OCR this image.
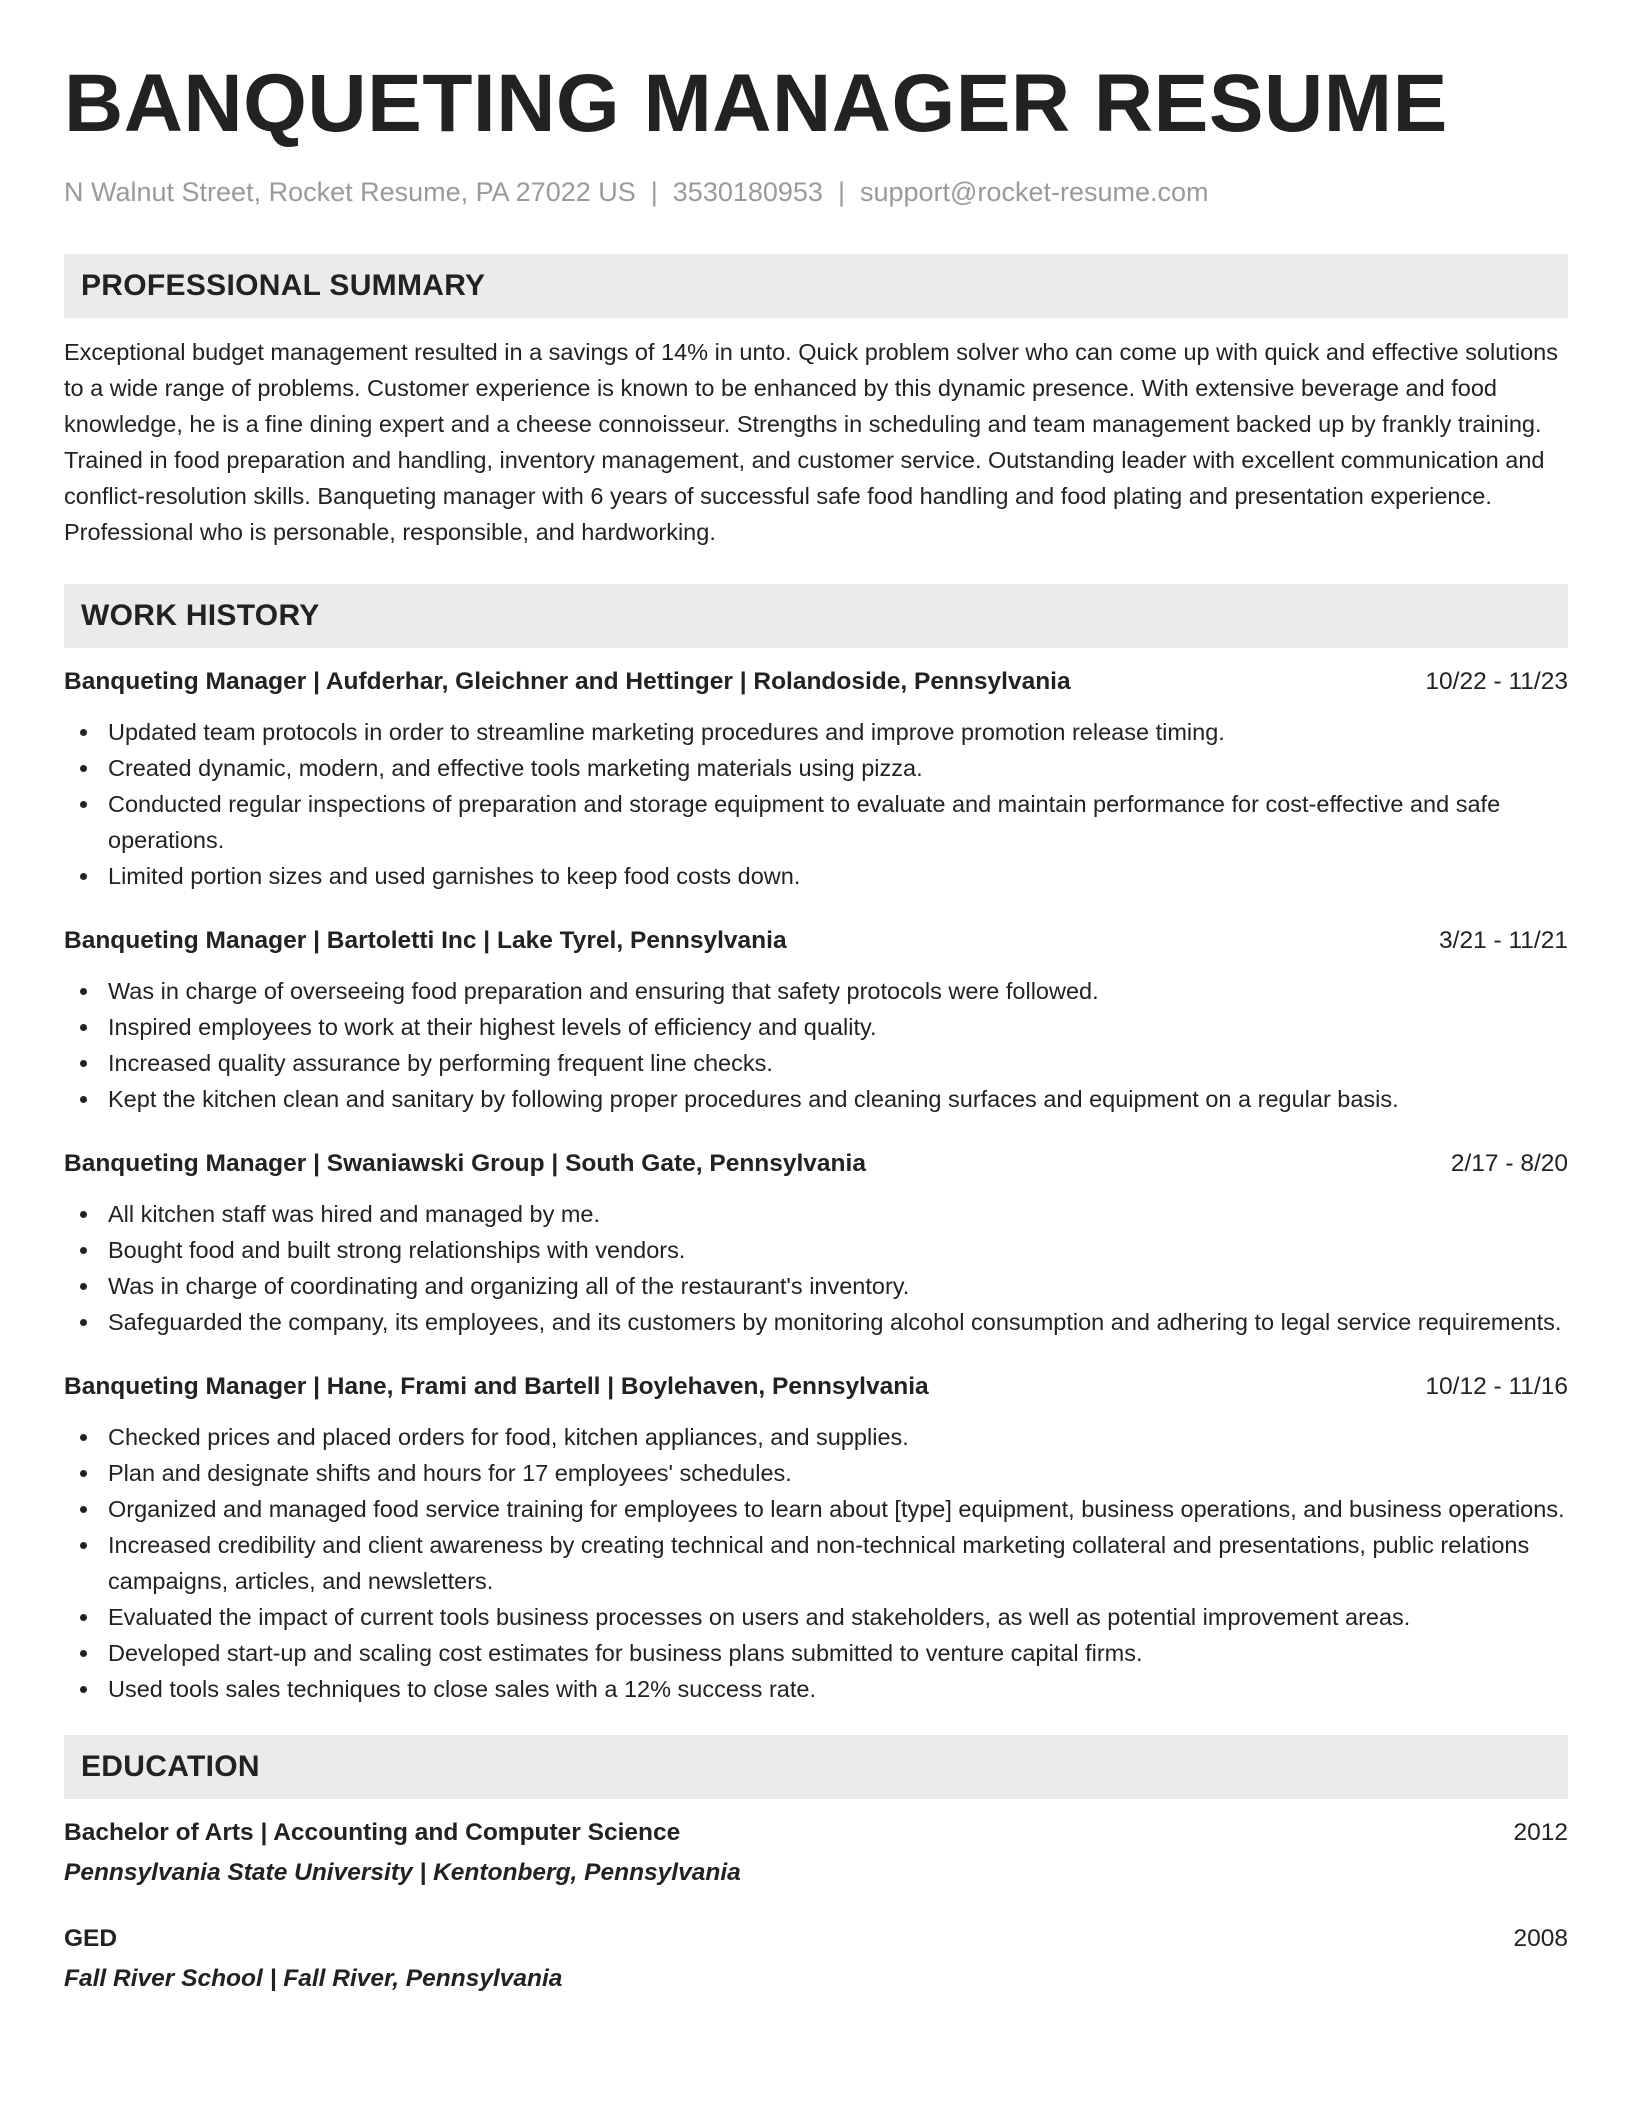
BANQUETING MANAGER RESUME
N Walnut Street, Rocket Resume, PA 27022 US | 3530180953 | support@rocket-resume.com
PROFESSIONAL SUMMARY
Exceptional budget management resulted in a savings of 14% in unto. Quick problem solver who can come up with quick and effective solutions to a wide range of problems. Customer experience is known to be enhanced by this dynamic presence. With extensive beverage and food knowledge, he is a fine dining expert and a cheese connoisseur. Strengths in scheduling and team management backed up by frankly training. Trained in food preparation and handling, inventory management, and customer service. Outstanding leader with excellent communication and conflict-resolution skills. Banqueting manager with 6 years of successful safe food handling and food plating and presentation experience. Professional who is personable, responsible, and hardworking.
WORK HISTORY
Banqueting Manager | Aufderhar, Gleichner and Hettinger | Rolandoside, Pennsylvania	10/22 - 11/23
Updated team protocols in order to streamline marketing procedures and improve promotion release timing.
Created dynamic, modern, and effective tools marketing materials using pizza.
Conducted regular inspections of preparation and storage equipment to evaluate and maintain performance for cost-effective and safe operations.
Limited portion sizes and used garnishes to keep food costs down.
Banqueting Manager | Bartoletti Inc | Lake Tyrel, Pennsylvania	3/21 - 11/21
Was in charge of overseeing food preparation and ensuring that safety protocols were followed.
Inspired employees to work at their highest levels of efficiency and quality.
Increased quality assurance by performing frequent line checks.
Kept the kitchen clean and sanitary by following proper procedures and cleaning surfaces and equipment on a regular basis.
Banqueting Manager | Swaniawski Group | South Gate, Pennsylvania	2/17 - 8/20
All kitchen staff was hired and managed by me.
Bought food and built strong relationships with vendors.
Was in charge of coordinating and organizing all of the restaurant's inventory.
Safeguarded the company, its employees, and its customers by monitoring alcohol consumption and adhering to legal service requirements.
Banqueting Manager | Hane, Frami and Bartell | Boylehaven, Pennsylvania	10/12 - 11/16
Checked prices and placed orders for food, kitchen appliances, and supplies.
Plan and designate shifts and hours for 17 employees' schedules.
Organized and managed food service training for employees to learn about [type] equipment, business operations, and business operations.
Increased credibility and client awareness by creating technical and non-technical marketing collateral and presentations, public relations campaigns, articles, and newsletters.
Evaluated the impact of current tools business processes on users and stakeholders, as well as potential improvement areas.
Developed start-up and scaling cost estimates for business plans submitted to venture capital firms.
Used tools sales techniques to close sales with a 12% success rate.
EDUCATION
Bachelor of Arts | Accounting and Computer Science	2012
Pennsylvania State University | Kentonberg, Pennsylvania
GED	2008
Fall River School | Fall River, Pennsylvania
